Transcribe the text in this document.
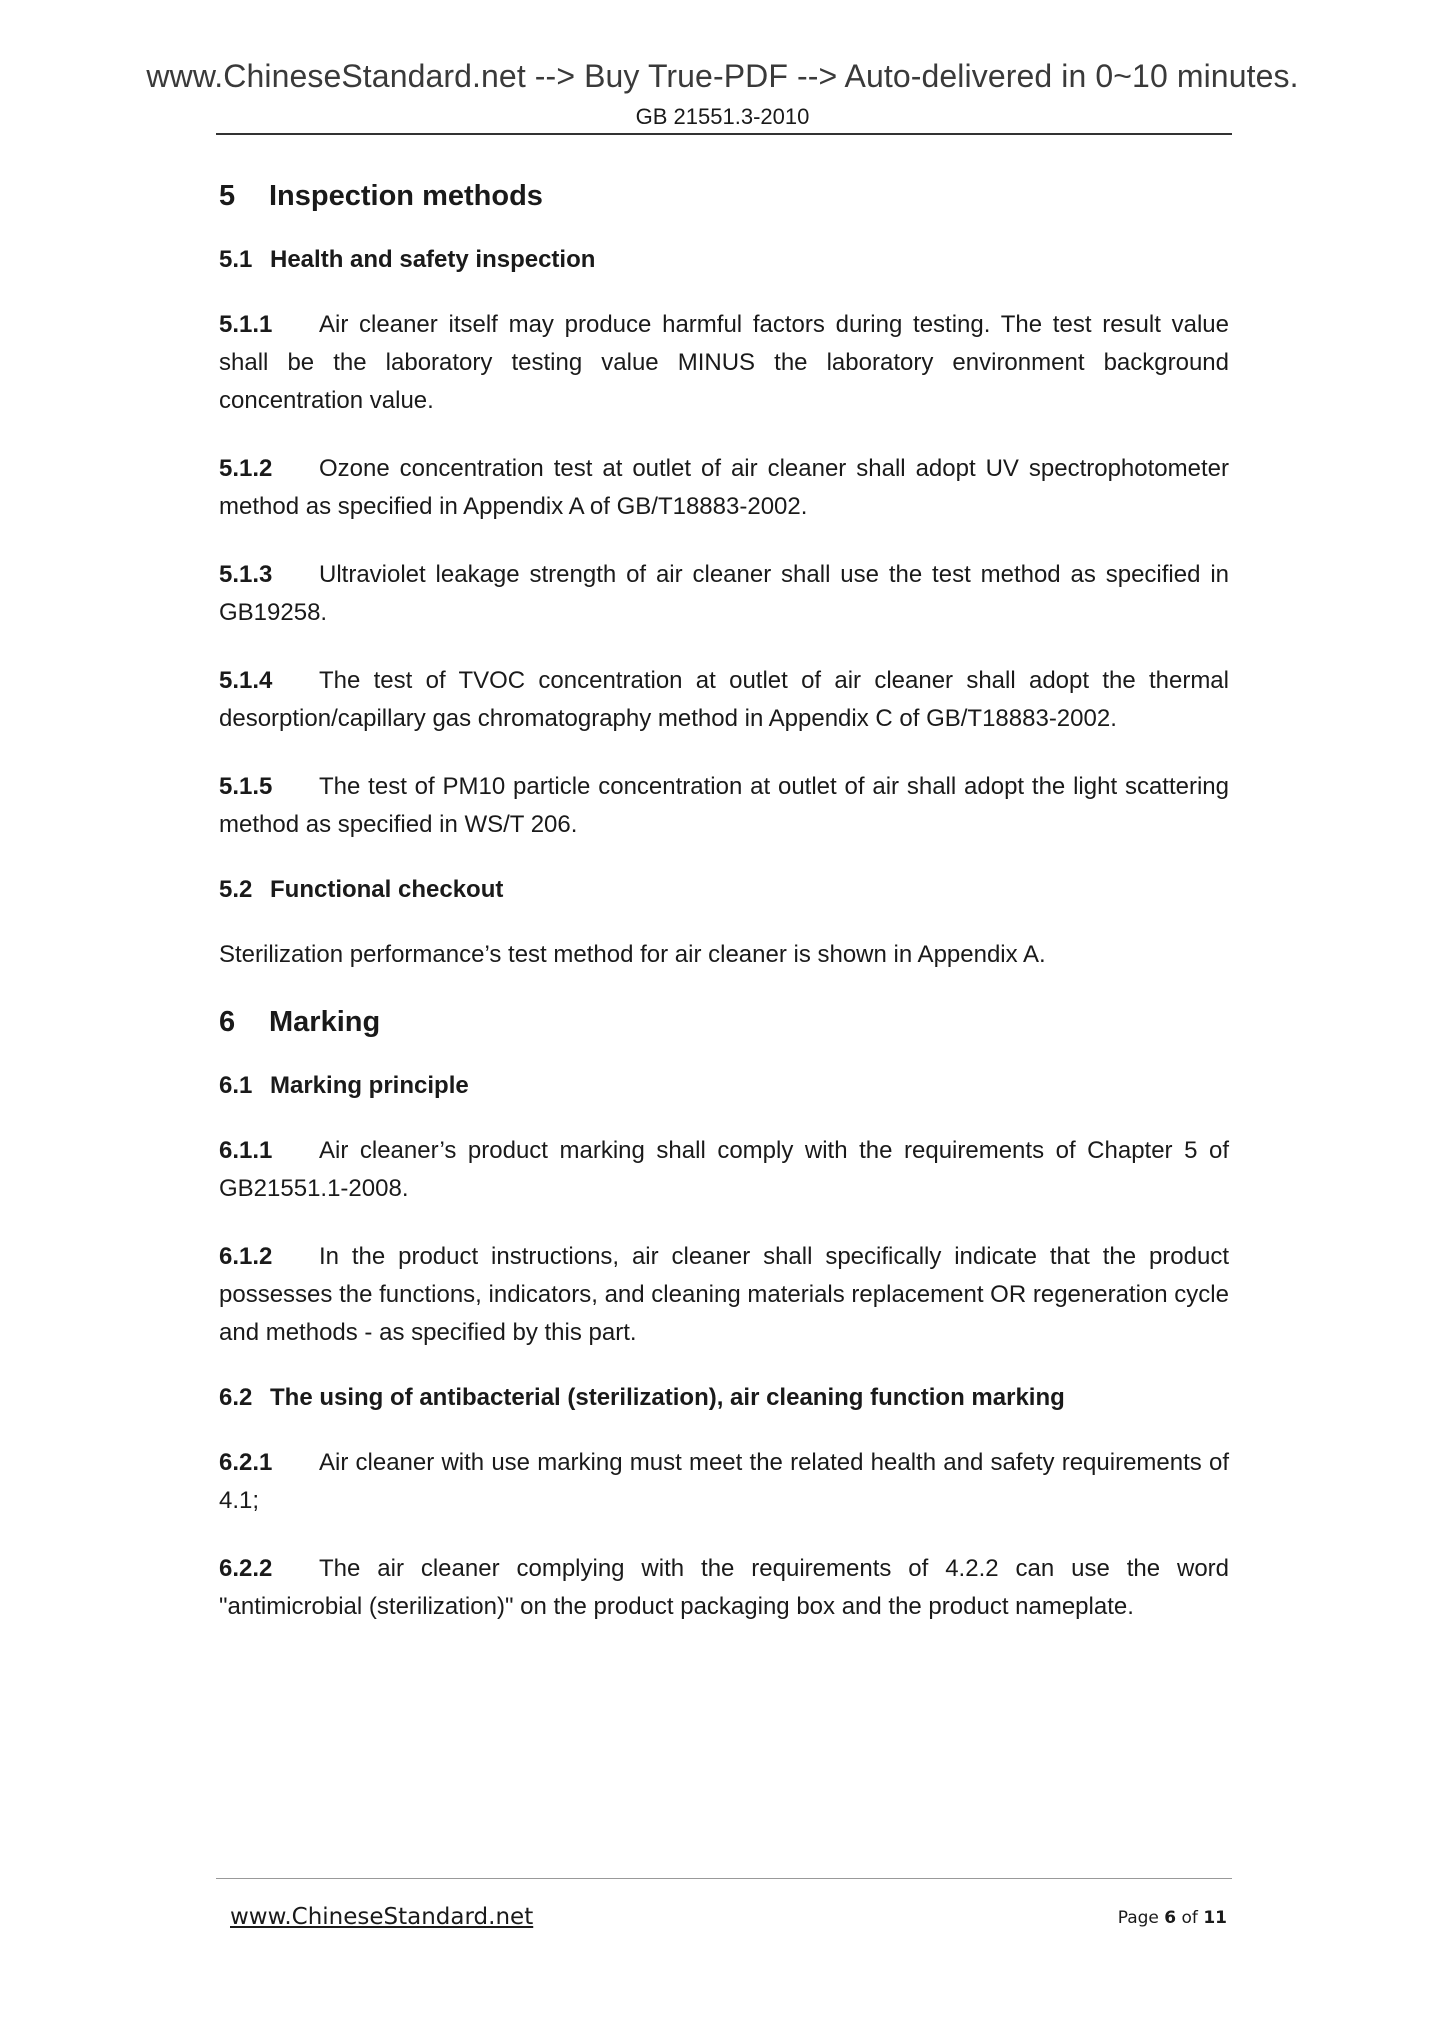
www.ChineseStandard.net --> Buy True-PDF --> Auto-delivered in 0~10 minutes.
GB 21551.3-2010
5 Inspection methods
5.1 Health and safety inspection
5.1.1 Air cleaner itself may produce harmful factors during testing. The test result value shall be the laboratory testing value MINUS the laboratory environment background concentration value.
5.1.2 Ozone concentration test at outlet of air cleaner shall adopt UV spectrophotometer method as specified in Appendix A of GB/T18883-2002.
5.1.3 Ultraviolet leakage strength of air cleaner shall use the test method as specified in GB19258.
5.1.4 The test of TVOC concentration at outlet of air cleaner shall adopt the thermal desorption/capillary gas chromatography method in Appendix C of GB/T18883-2002.
5.1.5 The test of PM10 particle concentration at outlet of air shall adopt the light scattering method as specified in WS/T 206.
5.2 Functional checkout
Sterilization performance’s test method for air cleaner is shown in Appendix A.
6 Marking
6.1 Marking principle
6.1.1 Air cleaner’s product marking shall comply with the requirements of Chapter 5 of GB21551.1-2008.
6.1.2 In the product instructions, air cleaner shall specifically indicate that the product possesses the functions, indicators, and cleaning materials replacement OR regeneration cycle and methods - as specified by this part.
6.2 The using of antibacterial (sterilization), air cleaning function marking
6.2.1 Air cleaner with use marking must meet the related health and safety requirements of 4.1;
6.2.2 The air cleaner complying with the requirements of 4.2.2 can use the word "antimicrobial (sterilization)" on the product packaging box and the product nameplate.
www.ChineseStandard.net	Page 6 of 11
